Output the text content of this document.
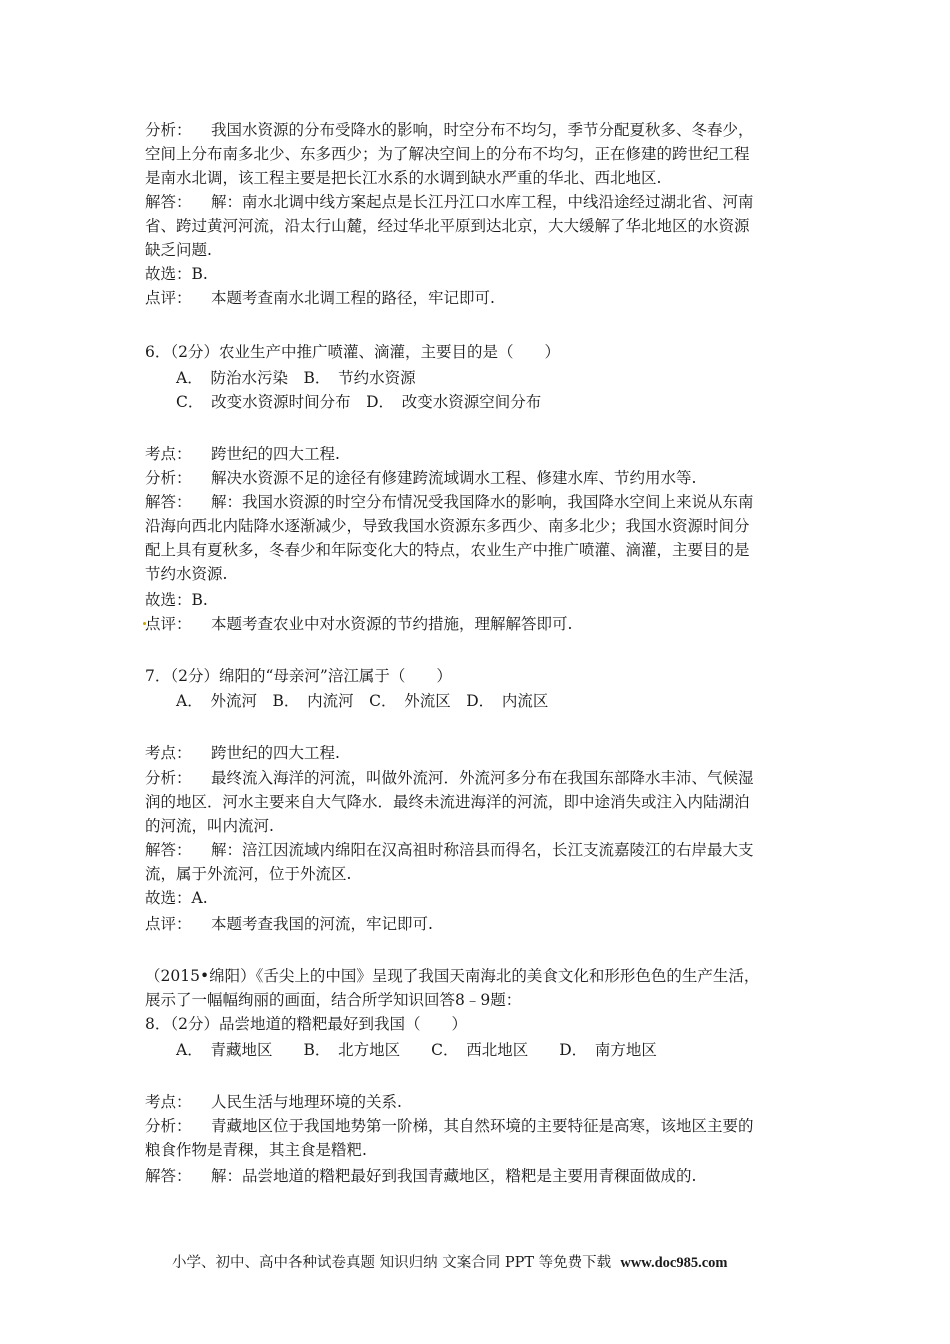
分析： 我国水资源的分布受降水的影响，时空分布不均匀，季节分配夏秋多、冬春少，
空间上分布南多北少、东多西少；为了解决空间上的分布不均匀，正在修建的跨世纪工程
是南水北调，该工程主要是把长江水系的水调到缺水严重的华北、西北地区.
解答： 解：南水北调中线方案起点是长江丹江口水库工程，中线沿途经过湖北省、河南
省、跨过黄河河流，沿太行山麓，经过华北平原到达北京，大大缓解了华北地区的水资源
缺乏问题.
故选：B.
点评： 本题考查南水北调工程的路径，牢记即可.
6．（2分）农业生产中推广喷灌、滴灌，主要目的是（　　）
A．　防治水污染　B．　节约水资源
C．　改变水资源时间分布　D．　改变水资源空间分布
考点： 跨世纪的四大工程.
分析： 解决水资源不足的途径有修建跨流域调水工程、修建水库、节约用水等.
解答： 解：我国水资源的时空分布情况受我国降水的影响，我国降水空间上来说从东南
沿海向西北内陆降水逐渐减少，导致我国水资源东多西少、南多北少；我国水资源时间分
配上具有夏秋多，冬春少和年际变化大的特点，农业生产中推广喷灌、滴灌，主要目的是
节约水资源.
故选：B.
点评： 本题考查农业中对水资源的节约措施，理解解答即可.
7．（2分）绵阳的“母亲河”涪江属于（　　）
A．　外流河　B．　内流河　C．　外流区　D．　内流区
考点： 跨世纪的四大工程.
分析： 最终流入海洋的河流，叫做外流河．外流河多分布在我国东部降水丰沛、气候湿
润的地区．河水主要来自大气降水．最终未流进海洋的河流，即中途消失或注入内陆湖泊
的河流，叫内流河.
解答： 解：涪江因流域内绵阳在汉高祖时称涪县而得名，长江支流嘉陵江的右岸最大支
流，属于外流河，位于外流区.
故选：A.
点评： 本题考查我国的河流，牢记即可.
（2015•绵阳）《舌尖上的中国》呈现了我国天南海北的美食文化和形形色色的生产生活，
展示了一幅幅绚丽的画面，结合所学知识回答8﹣9题：
8．（2分）品尝地道的糌粑最好到我国（　　）
A．　青藏地区　　B．　北方地区　　C．　西北地区　　D．　南方地区
考点： 人民生活与地理环境的关系.
分析： 青藏地区位于我国地势第一阶梯，其自然环境的主要特征是高寒，该地区主要的
粮食作物是青稞，其主食是糌粑.
解答： 解：品尝地道的糌粑最好到我国青藏地区，糌粑是主要用青稞面做成的.
小学、初中、高中各种试卷真题 知识归纳 文案合同 PPT 等免费下载 www.doc985.com
